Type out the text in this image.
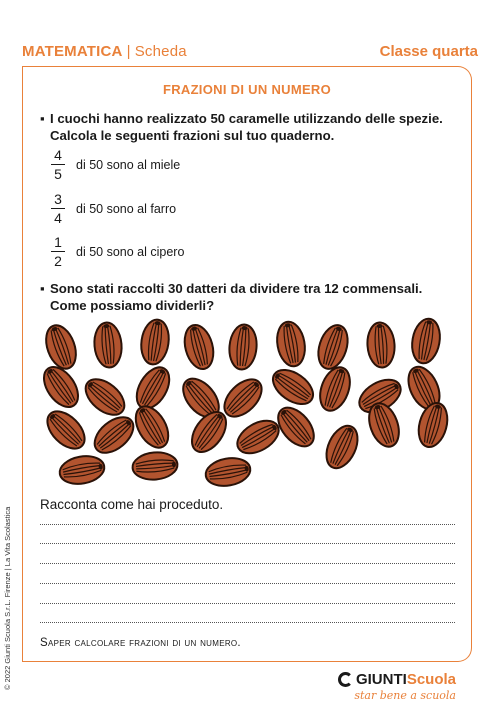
MATEMATICA | Scheda	Classe quarta
© 2022 Giunti Scuola S.r.L. Firenze | La Vita Scolastica
FRAZIONI DI UN NUMERO
▪ I cuochi hanno realizzato 50 caramelle utilizzando delle spezie.
Calcola le seguenti frazioni sul tuo quaderno.
$\frac{4}{5}$ di 50 sono al miele
$\frac{3}{4}$ di 50 sono al farro
$\frac{1}{2}$ di 50 sono al cipero
▪ Sono stati raccolti 30 datteri da dividere tra 12 commensali.
Come possiamo dividerli?
Racconta come hai proceduto.
Saper calcolare frazioni di un numero.
GIUNTI Scuola
star bene a scuola
